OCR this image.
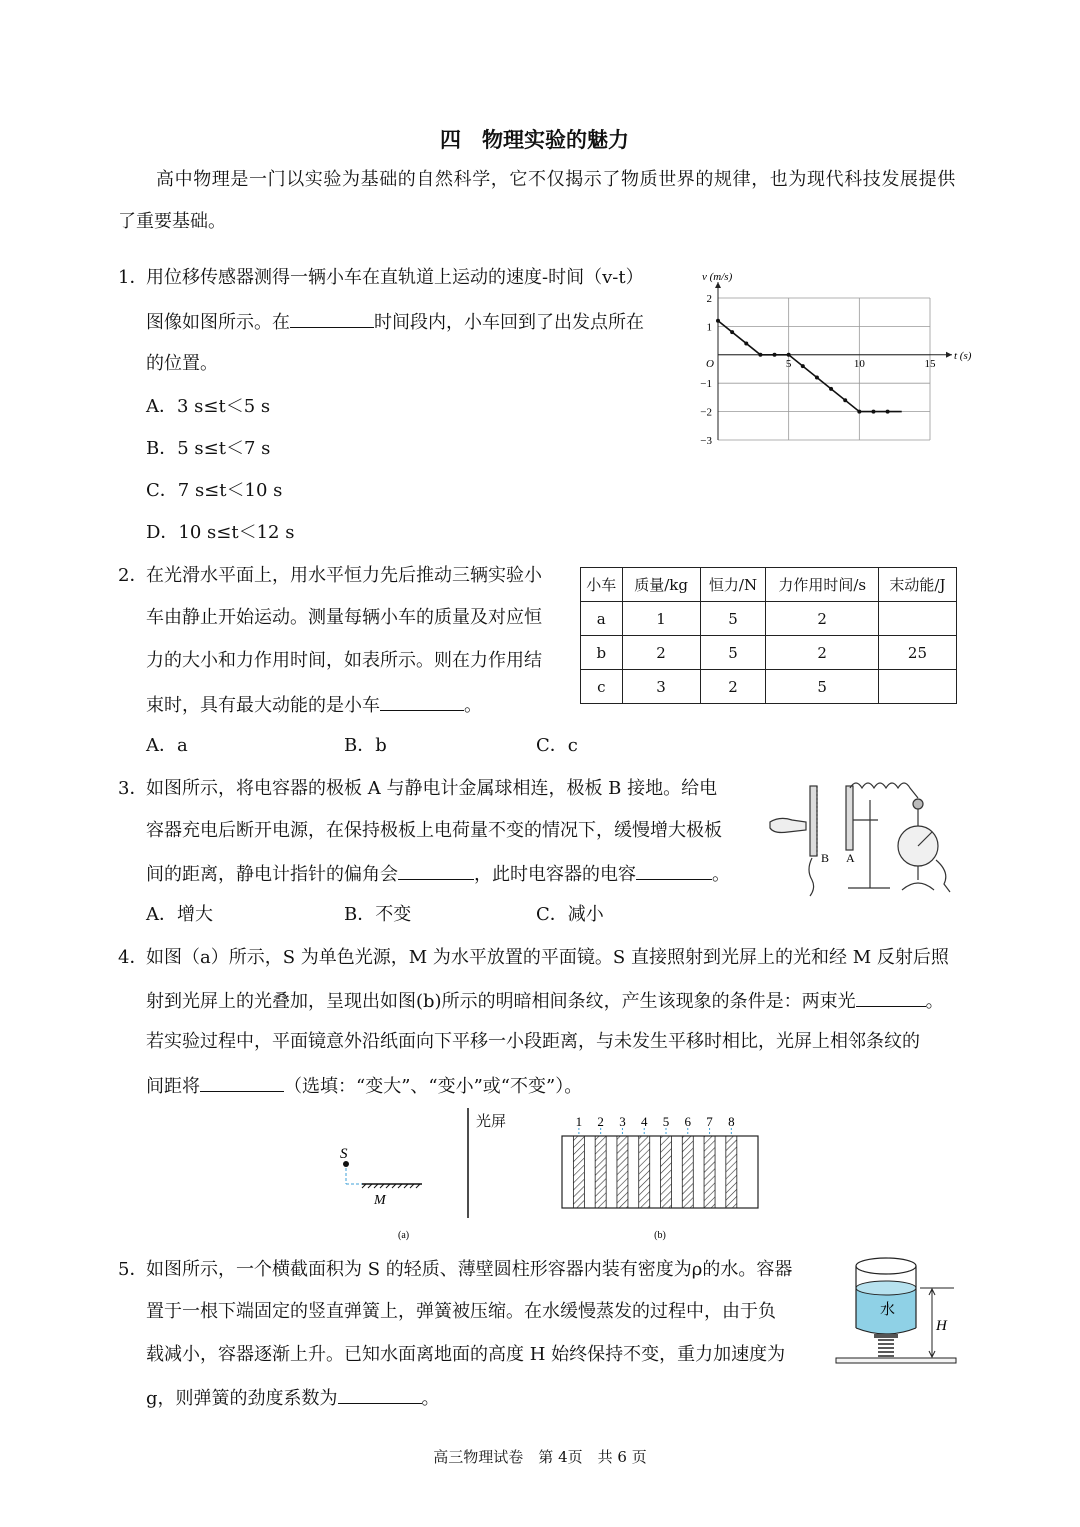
四　物理实验的魅力
高中物理是一门以实验为基础的自然科学，它不仅揭示了物质世界的规律，也为现代科技发展提供
了重要基础。
1．
用位移传感器测得一辆小车在直轨道上运动的速度-时间（v-t）
图像如图所示。在	时间段内，小车回到了出发点所在
的位置。
A．3 s≤t＜5 s
B．5 s≤t＜7 s
C．7 s≤t＜10 s
D．10 s≤t＜12 s
5	10	15
2
1
−1
−2
−3
v (m/s)
t (s)
O
2．
在光滑水平面上，用水平恒力先后推动三辆实验小
车由静止开始运动。测量每辆小车的质量及对应恒
力的大小和力作用时间，如表所示。则在力作用结
束时，具有最大动能的是小车	。
A．a	B．b	C．c
小车	质量/kg	恒力/N	力作用时间/s	末动能/J
a	1	5	2	
b	2	5	2	25
c	3	2	5	
3．
如图所示，将电容器的极板 A 与静电计金属球相连，极板 B 接地。给电
容器充电后断开电源，在保持极板上电荷量不变的情况下，缓慢增大极板
间的距离，静电计指针的偏角会	，此时电容器的电容	。
A．增大	B．不变	C．减小
B A
4．
如图（a）所示，S 为单色光源，M 为水平放置的平面镜。S 直接照射到光屏上的光和经 M 反射后照
射到光屏上的光叠加，呈现出如图(b)所示的明暗相间条纹，产生该现象的条件是：两束光	。
若实验过程中，平面镜意外沿纸面向下平移一小段距离，与未发生平移时相比，光屏上相邻条纹的
间距将	（选填：“变大”、“变小”或“不变”）。
S
M
(a)
光屏	1 2 3 4 5 6 7 8
(b)
5．
如图所示，一个横截面积为 S 的轻质、薄壁圆柱形容器内装有密度为ρ的水。容器
置于一根下端固定的竖直弹簧上，弹簧被压缩。在水缓慢蒸发的过程中，由于负
载减小，容器逐渐上升。已知水面离地面的高度 H 始终保持不变，重力加速度为
g，则弹簧的劲度系数为	。
水
H
高三物理试卷　第 4页　共 6 页
